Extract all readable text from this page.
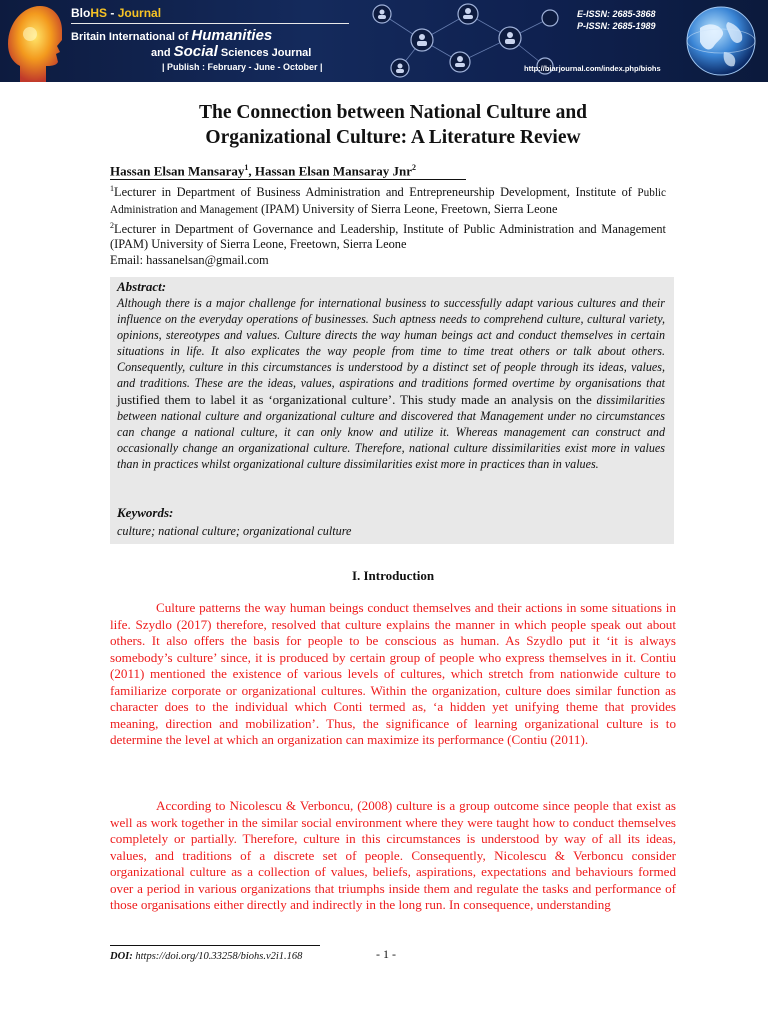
BloHS - Journal
Britain International of Humanities
and Social Sciences Journal
| Publish : February - June - October |
E-ISSN: 2685-3868
P-ISSN: 2685-1989
http://biarjournal.com/index.php/biohs
The Connection between National Culture and
Organizational Culture: A Literature Review
Hassan Elsan Mansaray$^1$, Hassan Elsan Mansaray Jnr$^2$

$^1$Lecturer in Department of Business Administration and Entrepreneurship Development, Institute of Public Administration and Management (IPAM) University of Sierra Leone, Freetown, Sierra Leone

$^2$Lecturer in Department of Governance and Leadership, Institute of Public Administration and Management (IPAM) University of Sierra Leone, Freetown, Sierra Leone

Email: hassanelsan@gmail.com

Abstract:
Although there is a major challenge for international business to successfully adapt various cultures and their influence on the everyday operations of businesses. Such aptness needs to comprehend culture, cultural variety, opinions, stereotypes and values. Culture directs the way human beings act and conduct themselves in certain situations in life. It also explicates the way people from time to time treat others or talk about others. Consequently, culture in this circumstances is understood by a distinct set of people through its ideas, values, and traditions. These are the ideas, values, aspirations and traditions formed overtime by organisations that justified them to label it as ‘organizational culture’. This study made an analysis on the dissimilarities between national culture and organizational culture and discovered that Management under no circumstances can change a national culture, it can only know and utilize it. Whereas management can construct and occasionally change an organizational culture. Therefore, national culture dissimilarities exist more in values than in practices whilst organizational culture dissimilarities exist more in practices than in values.
Keywords:
culture; national culture; organizational culture
I. Introduction

Culture patterns the way human beings conduct themselves and their actions in some situations in life. Szydlo (2017) therefore, resolved that culture explains the manner in which people speak out about others. It also offers the basis for people to be conscious as human. As Szydlo put it ‘it is always somebody’s culture’ since, it is produced by certain group of people who express themselves in it. Contiu (2011) mentioned the existence of various levels of cultures, which stretch from nationwide culture to familiarize corporate or organizational cultures. Within the organization, culture does similar function as character does to the individual which Conti termed as, ‘a hidden yet unifying theme that provides meaning, direction and mobilization’. Thus, the significance of learning organizational culture is to determine the level at which an organization can maximize its performance (Contiu (2011).

According to Nicolescu & Verboncu, (2008) culture is a group outcome since people that exist as well as work together in the similar social environment where they were taught how to conduct themselves completely or partially. Therefore, culture in this circumstances is understood by way of all its ideas, values, and traditions of a discrete set of people. Consequently, Nicolescu & Verboncu consider organizational culture as a collection of values, beliefs, aspirations, expectations and behaviours formed over a period in various organizations that triumphs inside them and regulate the tasks and performance of those organisations either directly and indirectly in the long run. In consequence, understanding

DOI: https://doi.org/10.33258/biohs.v2i1.168	- 1 -
